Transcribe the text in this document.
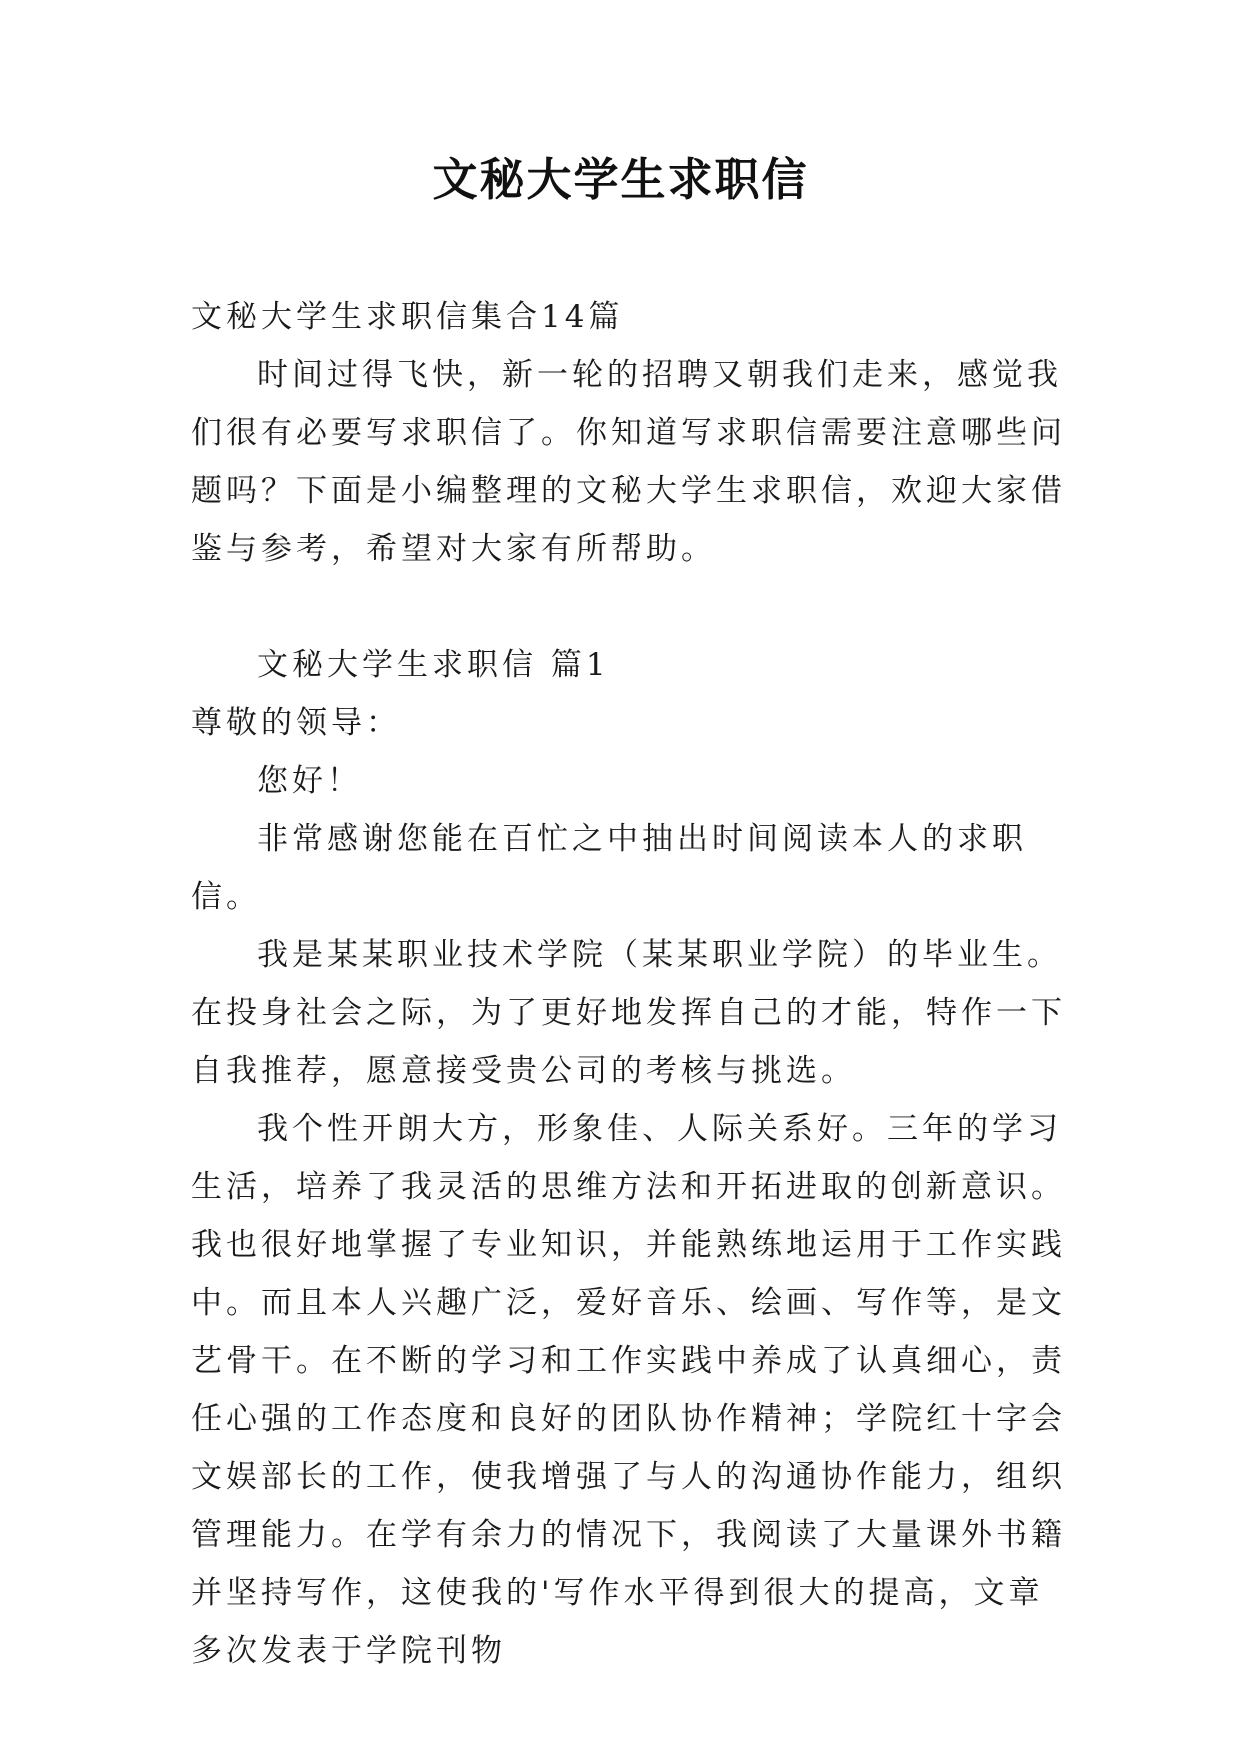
文秘大学生求职信

文秘大学生求职信集合14篇

时间过得飞快，新一轮的招聘又朝我们走来，感觉我们很有必要写求职信了。你知道写求职信需要注意哪些问题吗？下面是小编整理的文秘大学生求职信，欢迎大家借鉴与参考，希望对大家有所帮助。

文秘大学生求职信 篇1

尊敬的领导：

您好！

非常感谢您能在百忙之中抽出时间阅读本人的求职信。

我是某某职业技术学院（某某职业学院）的毕业生。在投身社会之际，为了更好地发挥自己的才能，特作一下自我推荐，愿意接受贵公司的考核与挑选。

我个性开朗大方，形象佳、人际关系好。三年的学习生活，培养了我灵活的思维方法和开拓进取的创新意识。我也很好地掌握了专业知识，并能熟练地运用于工作实践中。而且本人兴趣广泛，爱好音乐、绘画、写作等，是文艺骨干。在不断的学习和工作实践中养成了认真细心，责任心强的工作态度和良好的团队协作精神；学院红十字会文娱部长的工作，使我增强了与人的沟通协作能力，组织管理能力。在学有余力的情况下，我阅读了大量课外书籍并坚持写作，这使我的'写作水平得到很大的提高，文章多次发表于学院刊物
